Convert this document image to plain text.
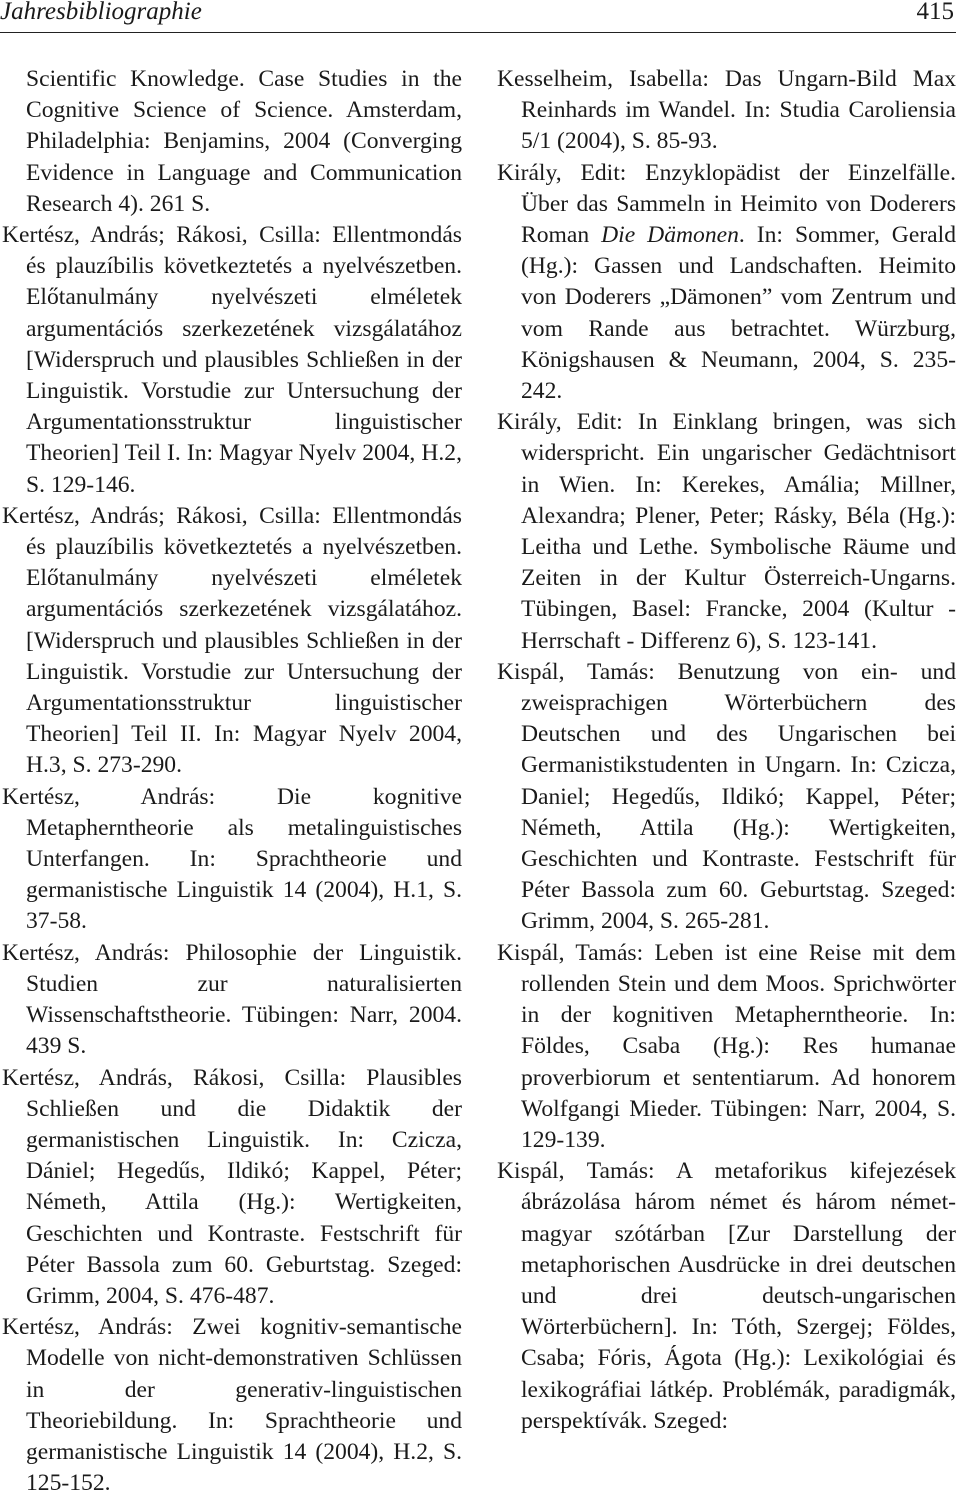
Jahresbibliographie	415

Scientific Knowledge. Case Studies in the Cognitive Science of Science. Amsterdam, Philadelphia: Benjamins, 2004 (Converging Evidence in Language and Communication Research 4). 261 S.

Kertész, András; Rákosi, Csilla: Ellentmondás és plauzíbilis következtetés a nyelvészetben. Előtanulmány nyelvészeti elméletek argumentációs szerkezetének vizsgálatához [Widerspruch und plausibles Schließen in der Linguistik. Vorstudie zur Untersuchung der Argumentationsstruktur linguistischer Theorien] Teil I. In: Magyar Nyelv 2004, H.2, S. 129-146.

Kertész, András; Rákosi, Csilla: Ellentmondás és plauzíbilis következtetés a nyelvészetben. Előtanulmány nyelvészeti elméletek argumentációs szerkezetének vizsgálatához. [Widerspruch und plausibles Schließen in der Linguistik. Vorstudie zur Untersuchung der Argumentationsstruktur linguistischer Theorien] Teil II. In: Magyar Nyelv 2004, H.3, S. 273-290.

Kertész, András: Die kognitive Metapherntheorie als metalinguistisches Unterfangen. In: Sprachtheorie und germanistische Linguistik 14 (2004), H.1, S. 37-58.

Kertész, András: Philosophie der Linguistik. Studien zur naturalisierten Wissenschaftstheorie. Tübingen: Narr, 2004. 439 S.

Kertész, András, Rákosi, Csilla: Plausibles Schließen und die Didaktik der germanistischen Linguistik. In: Czicza, Dániel; Hegedűs, Ildikó; Kappel, Péter; Németh, Attila (Hg.): Wertigkeiten, Geschichten und Kontraste. Festschrift für Péter Bassola zum 60. Geburtstag. Szeged: Grimm, 2004, S. 476-487.

Kertész, András: Zwei kognitiv-semantische Modelle von nicht-demonstrativen Schlüssen in der generativ-linguistischen Theoriebildung. In: Sprachtheorie und germanistische Linguistik 14 (2004), H.2, S. 125-152.

Kesselheim, Isabella: Das Ungarn-Bild Max Reinhards im Wandel. In: Studia Caroliensia 5/1 (2004), S. 85-93.

Király, Edit: Enzyklopädist der Einzelfälle. Über das Sammeln in Heimito von Doderers Roman Die Dämonen. In: Sommer, Gerald (Hg.): Gassen und Landschaften. Heimito von Doderers „Dämonen” vom Zentrum und vom Rande aus betrachtet. Würzburg, Königshausen & Neumann, 2004, S. 235-242.

Király, Edit: In Einklang bringen, was sich widerspricht. Ein ungarischer Gedächtnisort in Wien. In: Kerekes, Amália; Millner, Alexandra; Plener, Peter; Rásky, Béla (Hg.): Leitha und Lethe. Symbolische Räume und Zeiten in der Kultur Österreich-Ungarns. Tübingen, Basel: Francke, 2004 (Kultur - Herrschaft - Differenz 6), S. 123-141.

Kispál, Tamás: Benutzung von ein- und zweisprachigen Wörterbüchern des Deutschen und des Ungarischen bei Germanistikstudenten in Ungarn. In: Czicza, Daniel; Hegedűs, Ildikó; Kappel, Péter; Németh, Attila (Hg.): Wertigkeiten, Geschichten und Kontraste. Festschrift für Péter Bassola zum 60. Geburtstag. Szeged: Grimm, 2004, S. 265-281.

Kispál, Tamás: Leben ist eine Reise mit dem rollenden Stein und dem Moos. Sprichwörter in der kognitiven Metapherntheorie. In: Földes, Csaba (Hg.): Res humanae proverbiorum et sententiarum. Ad honorem Wolfgangi Mieder. Tübingen: Narr, 2004, S. 129-139.

Kispál, Tamás: A metaforikus kifejezések ábrázolása három német és három német-magyar szótárban [Zur Darstellung der metaphorischen Ausdrücke in drei deutschen und drei deutsch-ungarischen Wörterbüchern]. In: Tóth, Szergej; Földes, Csaba; Fóris, Ágota (Hg.): Lexikológiai és lexikográfiai látkép. Problémák, paradigmák, perspektívák. Szeged:
